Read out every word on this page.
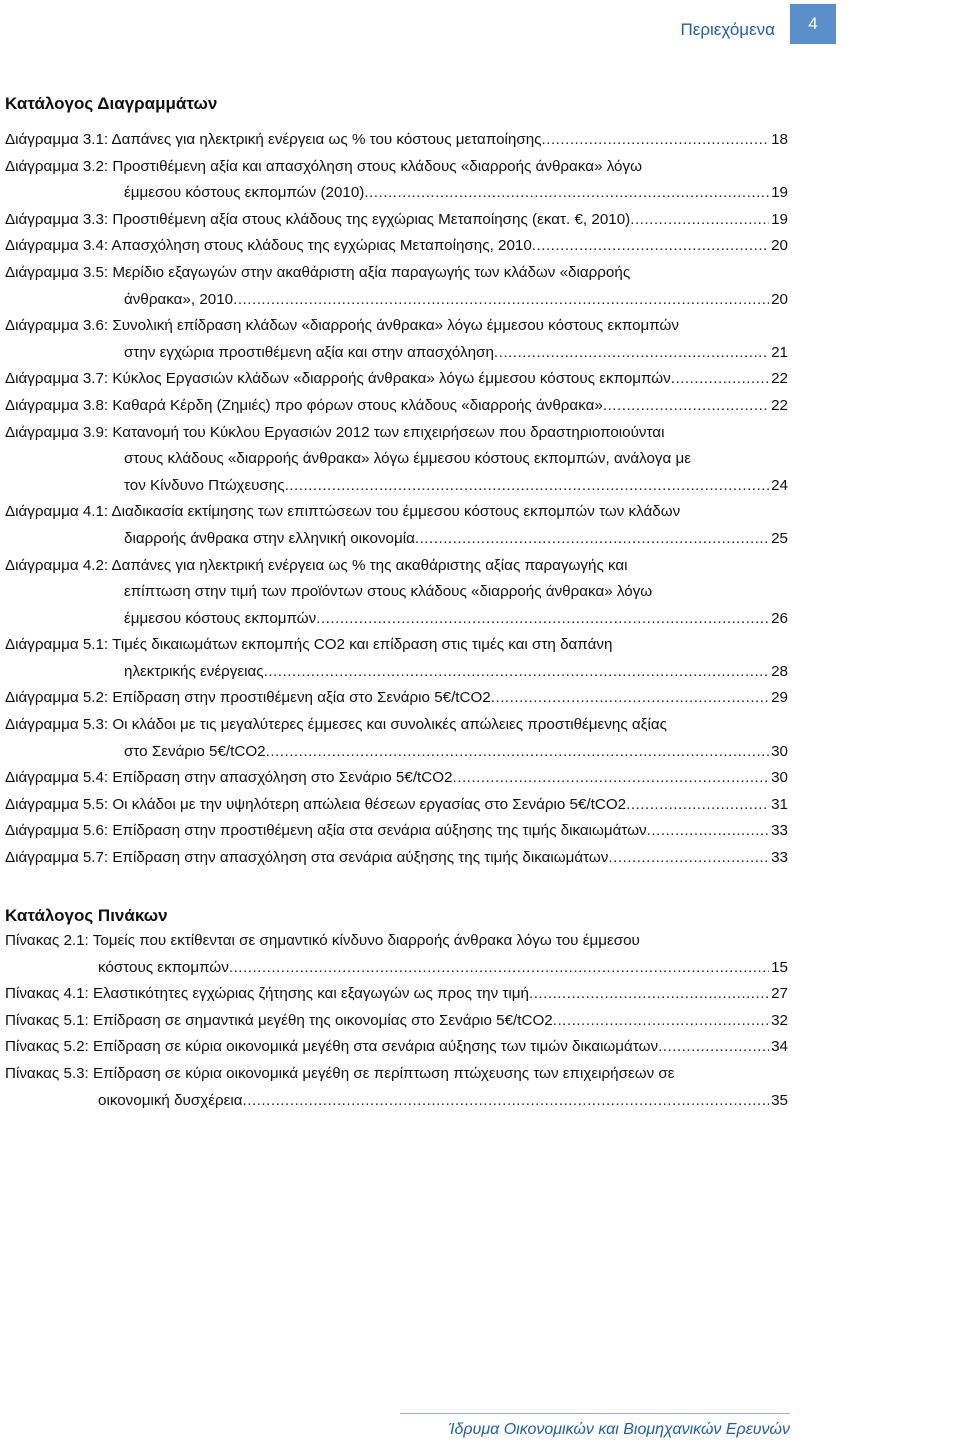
Περιεχόμενα 4
Κατάλογος Διαγραμμάτων
Διάγραμμα 3.1: Δαπάνες για ηλεκτρική ενέργεια ως % του κόστους μεταποίησης .....	18
Διάγραμμα 3.2: Προστιθέμενη αξία και απασχόληση στους κλάδους «διαρροής άνθρακα» λόγω
έμμεσου κόστους εκπομπών (2010) .....	19
Διάγραμμα 3.3: Προστιθέμενη αξία στους κλάδους της εγχώριας Μεταποίησης (εκατ. €, 2010) .....	19
Διάγραμμα 3.4: Απασχόληση στους κλάδους της εγχώριας Μεταποίησης, 2010 .....	20
Διάγραμμα 3.5: Μερίδιο εξαγωγών στην ακαθάριστη αξία παραγωγής των κλάδων «διαρροής
άνθρακα», 2010 .....	20
Διάγραμμα 3.6: Συνολική επίδραση κλάδων «διαρροής άνθρακα» λόγω έμμεσου κόστους εκπομπών
στην εγχώρια προστιθέμενη αξία και στην απασχόληση .....	21
Διάγραμμα 3.7: Κύκλος Εργασιών κλάδων «διαρροής άνθρακα» λόγω έμμεσου κόστους εκπομπών .....	22
Διάγραμμα 3.8: Καθαρά Κέρδη (Ζημιές) προ φόρων στους κλάδους «διαρροής άνθρακα» .....	22
Διάγραμμα 3.9: Κατανομή του Κύκλου Εργασιών 2012 των επιχειρήσεων που δραστηριοποιούνται
στους κλάδους «διαρροής άνθρακα» λόγω έμμεσου κόστους εκπομπών, ανάλογα με
τον Κίνδυνο Πτώχευσης .....	24
Διάγραμμα 4.1: Διαδικασία εκτίμησης των επιπτώσεων του έμμεσου κόστους εκπομπών των κλάδων
διαρροής άνθρακα στην ελληνική οικονομία .....	25
Διάγραμμα 4.2: Δαπάνες για ηλεκτρική ενέργεια ως % της ακαθάριστης αξίας παραγωγής και
επίπτωση στην τιμή των προϊόντων στους κλάδους «διαρροής άνθρακα» λόγω
έμμεσου κόστους εκπομπών .....	26
Διάγραμμα 5.1: Τιμές δικαιωμάτων εκπομπής CO2 και επίδραση στις τιμές και στη δαπάνη
ηλεκτρικής ενέργειας .....	28
Διάγραμμα 5.2: Επίδραση στην προστιθέμενη αξία στο Σενάριο 5€/tCO2 .....	29
Διάγραμμα 5.3: Οι κλάδοι με τις μεγαλύτερες έμμεσες και συνολικές απώλειες προστιθέμενης αξίας
στο Σενάριο 5€/tCO2 .....	30
Διάγραμμα 5.4: Επίδραση στην απασχόληση στο Σενάριο 5€/tCO2 .....	30
Διάγραμμα 5.5: Οι κλάδοι με την υψηλότερη απώλεια θέσεων εργασίας στο Σενάριο 5€/tCO2 .....	31
Διάγραμμα 5.6: Επίδραση στην προστιθέμενη αξία στα σενάρια αύξησης της τιμής δικαιωμάτων .....	33
Διάγραμμα 5.7: Επίδραση στην απασχόληση στα σενάρια αύξησης της τιμής δικαιωμάτων .....	33
Κατάλογος Πινάκων
Πίνακας 2.1: Τομείς που εκτίθενται σε σημαντικό κίνδυνο διαρροής άνθρακα λόγω του έμμεσου
κόστους εκπομπών .....	15
Πίνακας 4.1: Ελαστικότητες εγχώριας ζήτησης και εξαγωγών ως προς την τιμή .....	27
Πίνακας 5.1: Επίδραση σε σημαντικά μεγέθη της οικονομίας στο Σενάριο 5€/tCO2 .....	32
Πίνακας 5.2: Επίδραση σε κύρια οικονομικά μεγέθη στα σενάρια αύξησης των τιμών δικαιωμάτων .....	34
Πίνακας 5.3: Επίδραση σε κύρια οικονομικά μεγέθη σε περίπτωση πτώχευσης των επιχειρήσεων σε
οικονομική δυσχέρεια .....	35
Ίδρυμα Οικονομικών και Βιομηχανικών Ερευνών
